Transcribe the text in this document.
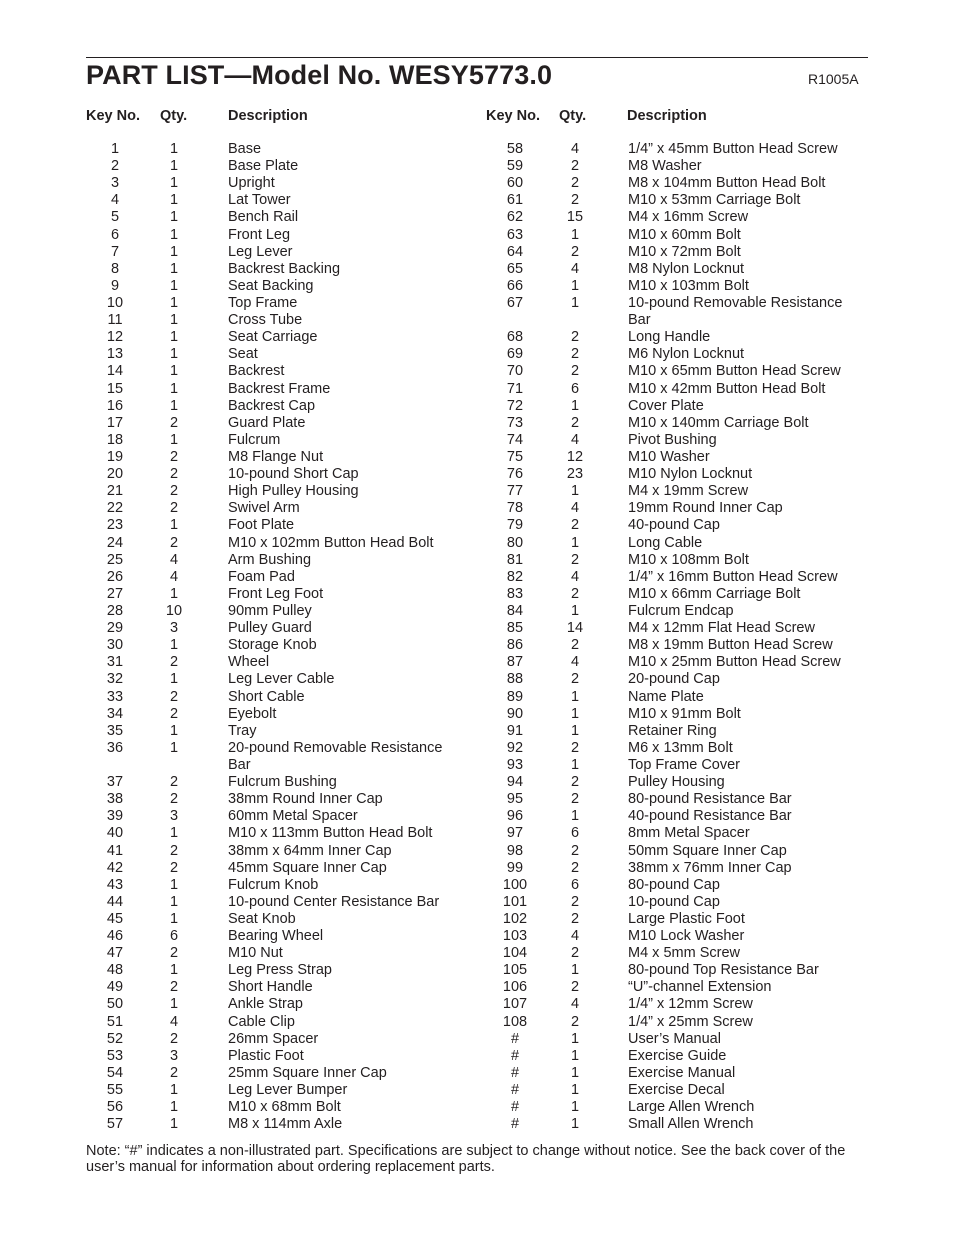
PART LIST—Model No. WESY5773.0	R1005A
Key No. Qty.	Description	Key No. Qty.	Description
1	1	Base
2	1	Base Plate
3	1	Upright
4	1	Lat Tower
5	1	Bench Rail
6	1	Front Leg
7	1	Leg Lever
8	1	Backrest Backing
9	1	Seat Backing
10	1	Top Frame
11	1	Cross Tube
12	1	Seat Carriage
13	1	Seat
14	1	Backrest
15	1	Backrest Frame
16	1	Backrest Cap
17	2	Guard Plate
18	1	Fulcrum
19	2	M8 Flange Nut
20	2	10-pound Short Cap
21	2	High Pulley Housing
22	2	Swivel Arm
23	1	Foot Plate
24	2	M10 x 102mm Button Head Bolt
25	4	Arm Bushing
26	4	Foam Pad
27	1	Front Leg Foot
28	10	90mm Pulley
29	3	Pulley Guard
30	1	Storage Knob
31	2	Wheel
32	1	Leg Lever Cable
33	2	Short Cable
34	2	Eyebolt
35	1	Tray
36	1	20-pound Removable Resistance Bar
37	2	Fulcrum Bushing
38	2	38mm Round Inner Cap
39	3	60mm Metal Spacer
40	1	M10 x 113mm Button Head Bolt
41	2	38mm x 64mm Inner Cap
42	2	45mm Square Inner Cap
43	1	Fulcrum Knob
44	1	10-pound Center Resistance Bar
45	1	Seat Knob
46	6	Bearing Wheel
47	2	M10 Nut
48	1	Leg Press Strap
49	2	Short Handle
50	1	Ankle Strap
51	4	Cable Clip
52	2	26mm Spacer
53	3	Plastic Foot
54	2	25mm Square Inner Cap
55	1	Leg Lever Bumper
56	1	M10 x 68mm Bolt
57	1	M8 x 114mm Axle
58	4	1/4” x 45mm Button Head Screw
59	2	M8 Washer
60	2	M8 x 104mm Button Head Bolt
61	2	M10 x 53mm Carriage Bolt
62	15	M4 x 16mm Screw
63	1	M10 x 60mm Bolt
64	2	M10 x 72mm Bolt
65	4	M8 Nylon Locknut
66	1	M10 x 103mm Bolt
67	1	10-pound Removable Resistance Bar
68	2	Long Handle
69	2	M6 Nylon Locknut
70	2	M10 x 65mm Button Head Screw
71	6	M10 x 42mm Button Head Bolt
72	1	Cover Plate
73	2	M10 x 140mm Carriage Bolt
74	4	Pivot Bushing
75	12	M10 Washer
76	23	M10 Nylon Locknut
77	1	M4 x 19mm Screw
78	4	19mm Round Inner Cap
79	2	40-pound Cap
80	1	Long Cable
81	2	M10 x 108mm Bolt
82	4	1/4” x 16mm Button Head Screw
83	2	M10 x 66mm Carriage Bolt
84	1	Fulcrum Endcap
85	14	M4 x 12mm Flat Head Screw
86	2	M8 x 19mm Button Head Screw
87	4	M10 x 25mm Button Head Screw
88	2	20-pound Cap
89	1	Name Plate
90	1	M10 x 91mm Bolt
91	1	Retainer Ring
92	2	M6 x 13mm Bolt
93	1	Top Frame Cover
94	2	Pulley Housing
95	2	80-pound Resistance Bar
96	1	40-pound Resistance Bar
97	6	8mm Metal Spacer
98	2	50mm Square Inner Cap
99	2	38mm x 76mm Inner Cap
100	6	80-pound Cap
101	2	10-pound Cap
102	2	Large Plastic Foot
103	4	M10 Lock Washer
104	2	M4 x 5mm Screw
105	1	80-pound Top Resistance Bar
106	2	“U”-channel Extension
107	4	1/4” x 12mm Screw
108	2	1/4” x 25mm Screw
#	1	User’s Manual
#	1	Exercise Guide
#	1	Exercise Manual
#	1	Exercise Decal
#	1	Large Allen Wrench
#	1	Small Allen Wrench
Note: “#” indicates a non-illustrated part. Specifications are subject to change without notice. See the back cover of the user’s manual for information about ordering replacement parts.
